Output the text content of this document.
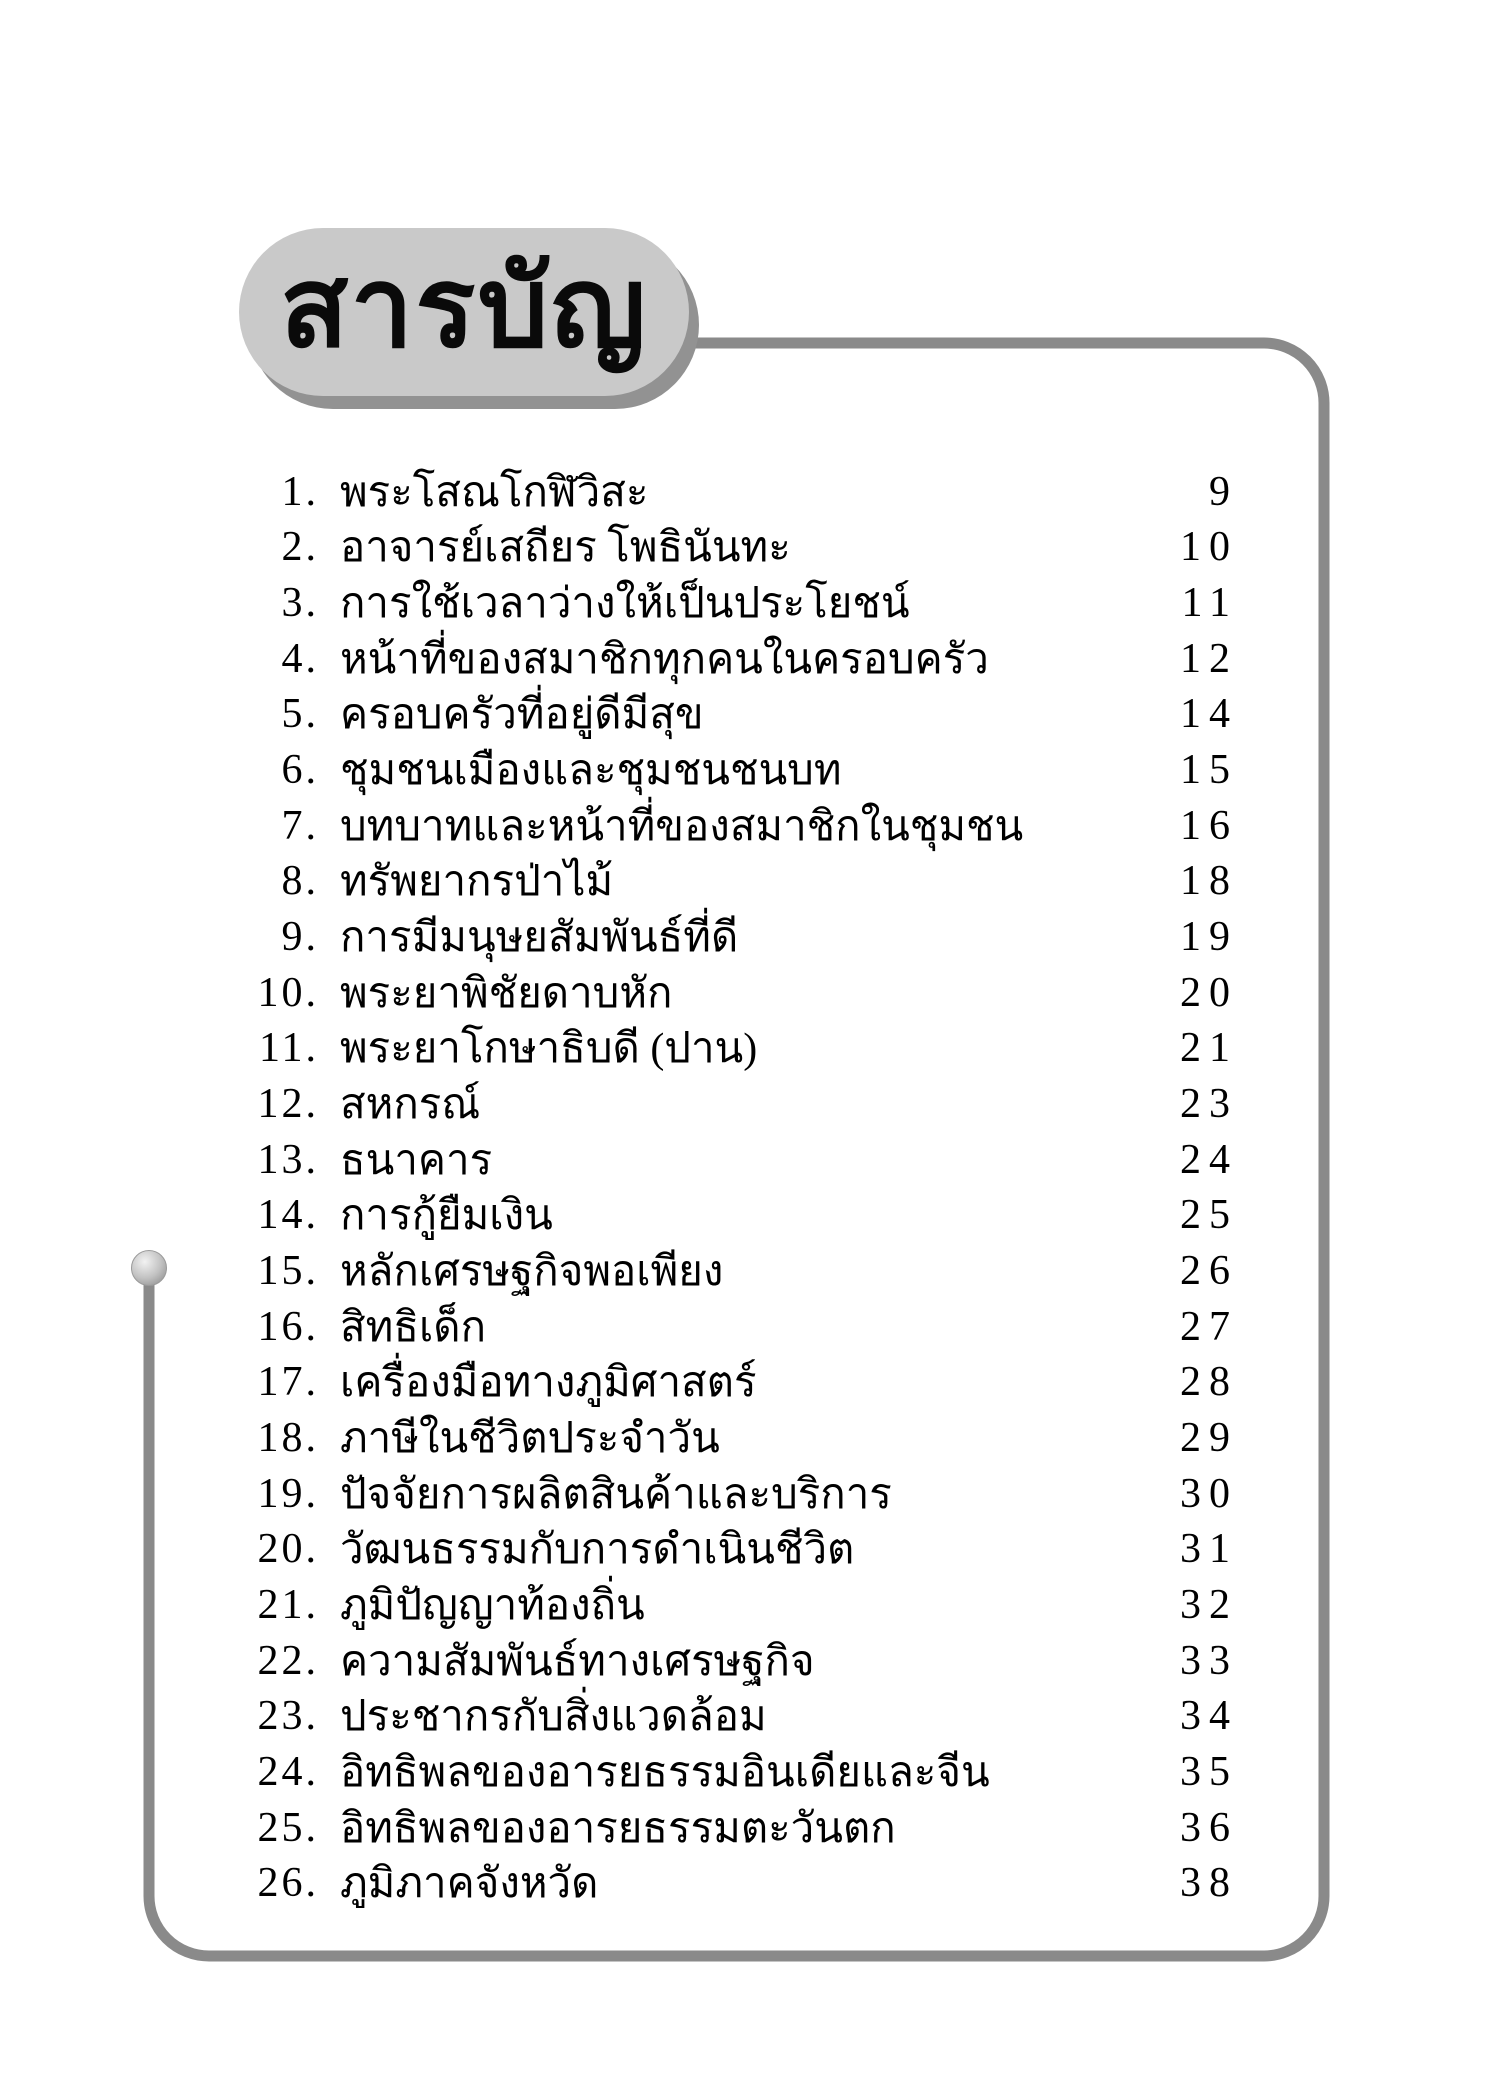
สารบัญ
1. พระโสณโกฬิวิสะ	9
2. อาจารย์เสถียร โพธินันทะ	10
3. การใช้เวลาว่างให้เป็นประโยชน์	11
4. หน้าที่ของสมาชิกทุกคนในครอบครัว	12
5. ครอบครัวที่อยู่ดีมีสุข	14
6. ชุมชนเมืองและชุมชนชนบท	15
7. บทบาทและหน้าที่ของสมาชิกในชุมชน	16
8. ทรัพยากรป่าไม้	18
9. การมีมนุษยสัมพันธ์ที่ดี	19
10. พระยาพิชัยดาบหัก	20
11. พระยาโกษาธิบดี (ปาน)	21
12. สหกรณ์	23
13. ธนาคาร	24
14. การกู้ยืมเงิน	25
15. หลักเศรษฐกิจพอเพียง	26
16. สิทธิเด็ก	27
17. เครื่องมือทางภูมิศาสตร์	28
18. ภาษีในชีวิตประจำวัน	29
19. ปัจจัยการผลิตสินค้าและบริการ	30
20. วัฒนธรรมกับการดำเนินชีวิต	31
21. ภูมิปัญญาท้องถิ่น	32
22. ความสัมพันธ์ทางเศรษฐกิจ	33
23. ประชากรกับสิ่งแวดล้อม	34
24. อิทธิพลของอารยธรรมอินเดียและจีน	35
25. อิทธิพลของอารยธรรมตะวันตก	36
26. ภูมิภาคจังหวัด	38
